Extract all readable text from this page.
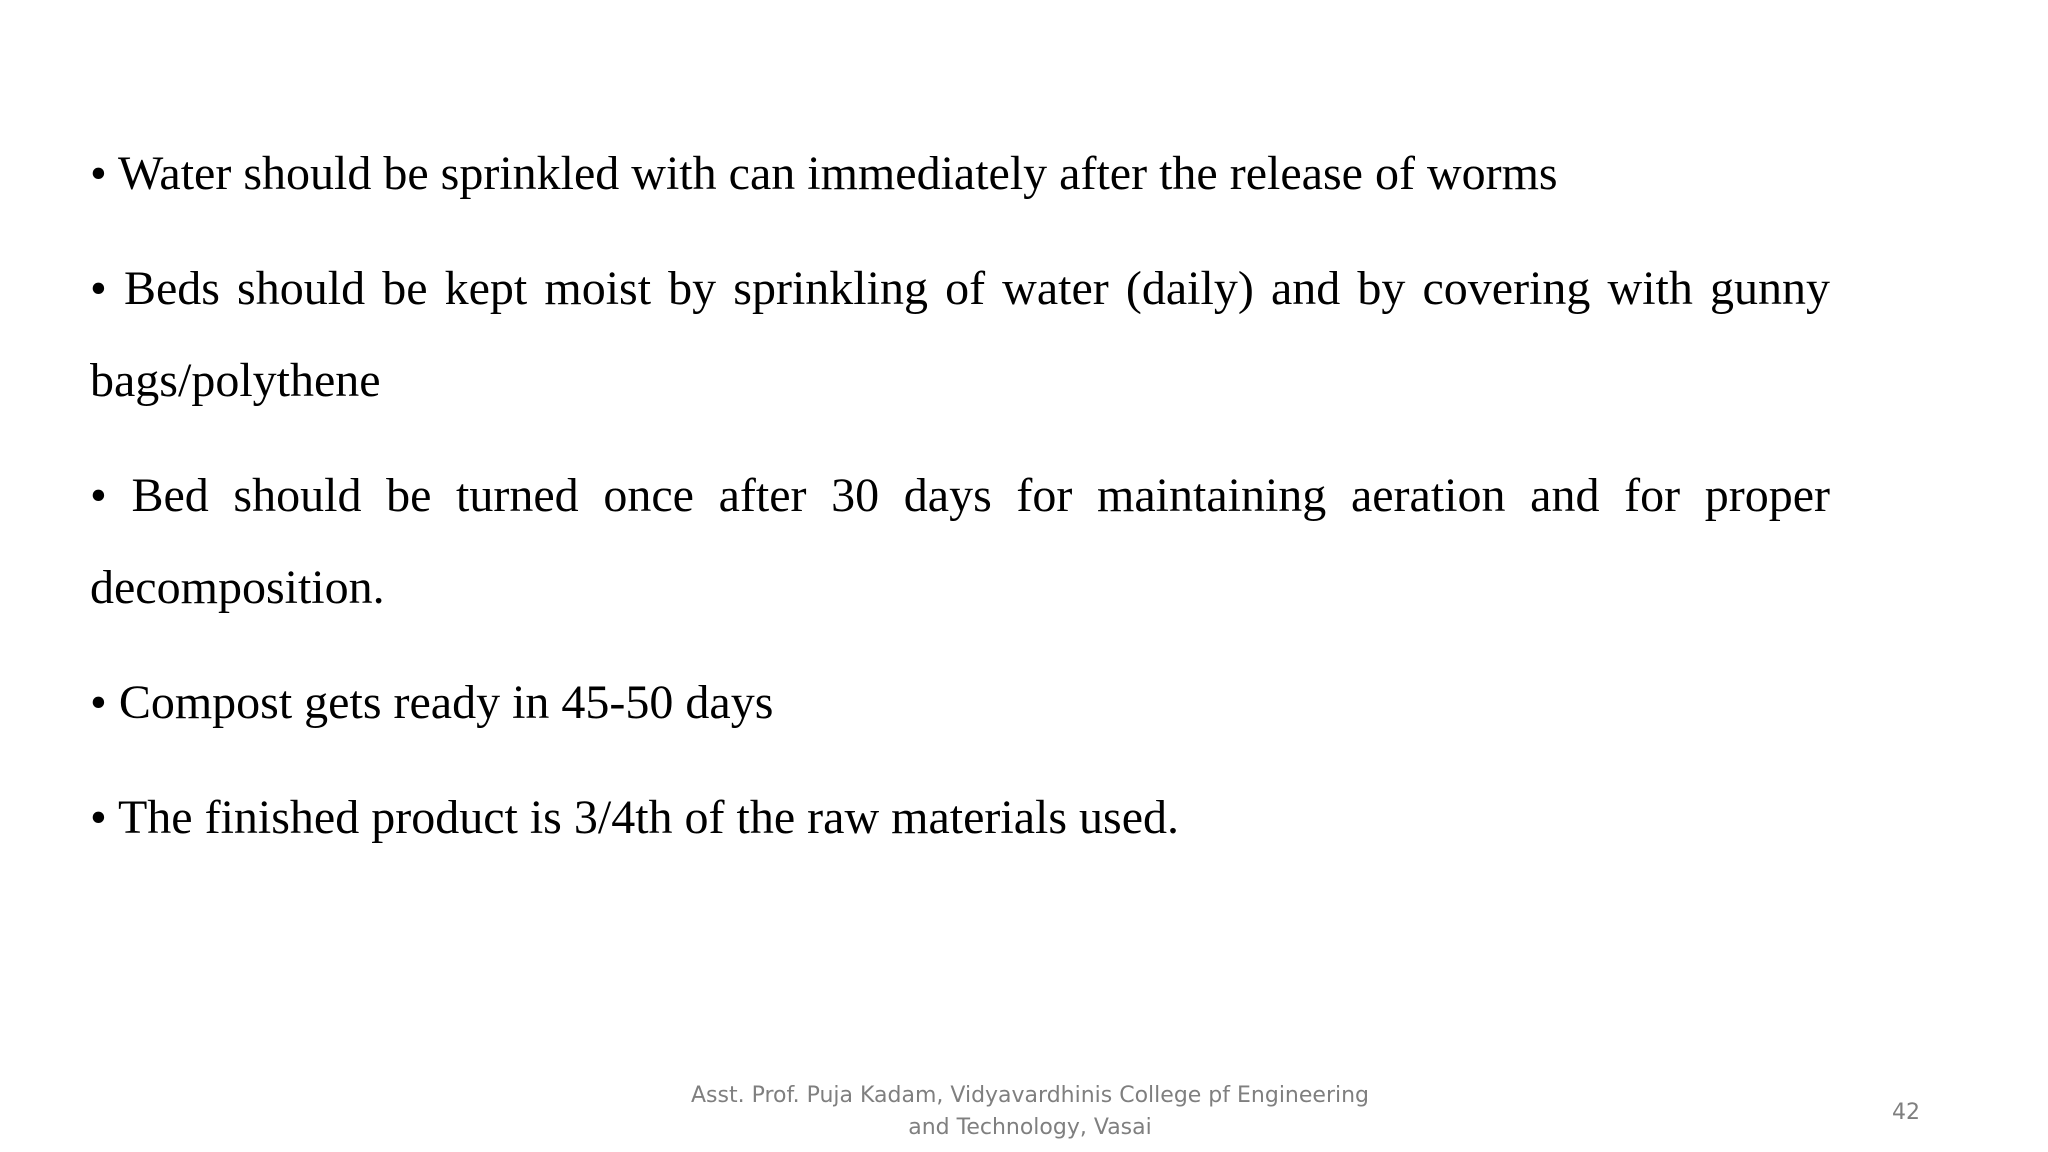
• Water should be sprinkled with can immediately after the release of worms

• Beds should be kept moist by sprinkling of water (daily) and by covering with gunny bags/polythene

• Bed should be turned once after 30 days for maintaining aeration and for proper decomposition.

• Compost gets ready in 45-50 days

• The finished product is 3/4th of the raw materials used.

Asst. Prof. Puja Kadam, Vidyavardhinis College pf Engineering
and Technology, Vasai
42
